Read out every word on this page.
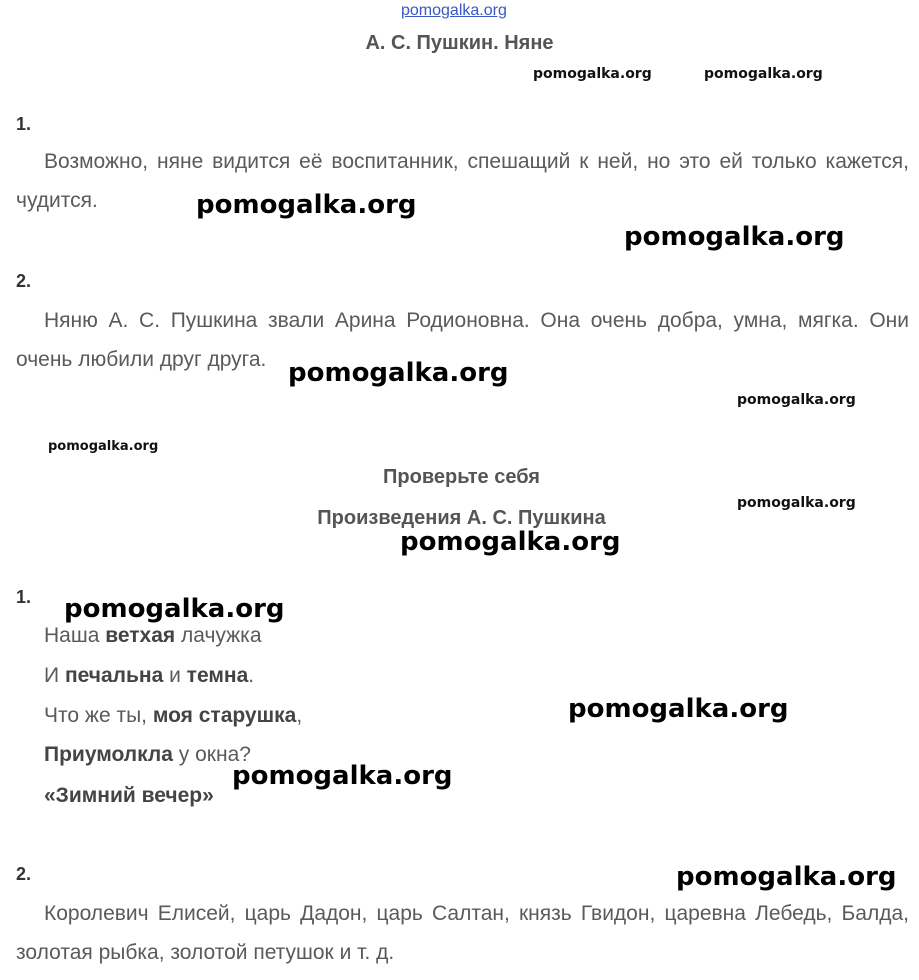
pomogalka.org
pomogalka.org	pomogalka.org
pomogalka.org
pomogalka.org
pomogalka.org
pomogalka.org
pomogalka.org
pomogalka.org
pomogalka.org
pomogalka.org
pomogalka.org
pomogalka.org
pomogalka.org
А. С. Пушкин. Няне
1.
Возможно, няне видится её воспитанник, спешащий к ней, но это ей только кажется, чудится.
2.
Няню А. С. Пушкина звали Арина Родионовна. Она очень добра, умна, мягка. Они очень любили друг друга.
Проверьте себя
Произведения А. С. Пушкина
1.
Наша ветхая лачужка
И печальна и темна.
Что же ты, моя старушка,
Приумолкла у окна?
«Зимний вечер»
2.
Королевич Елисей, царь Дадон, царь Салтан, князь Гвидон, царевна Лебедь, Балда, золотая рыбка, золотой петушок и т. д.
